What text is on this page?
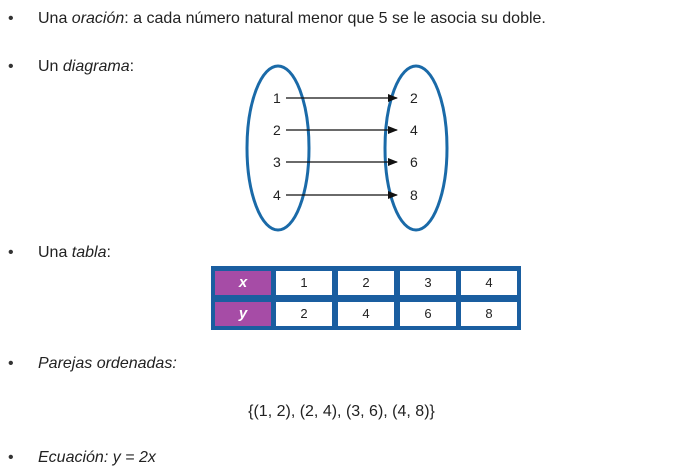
• Una oración: a cada número natural menor que 5 se le asocia su doble.
• Un diagrama:
1
2
3
4
2
4
6
8
• Una tabla:
x	1	2	3	4
y	2	4	6	8
• Parejas ordenadas:
{(1, 2), (2, 4), (3, 6), (4, 8)}
• Ecuación: y = 2x
